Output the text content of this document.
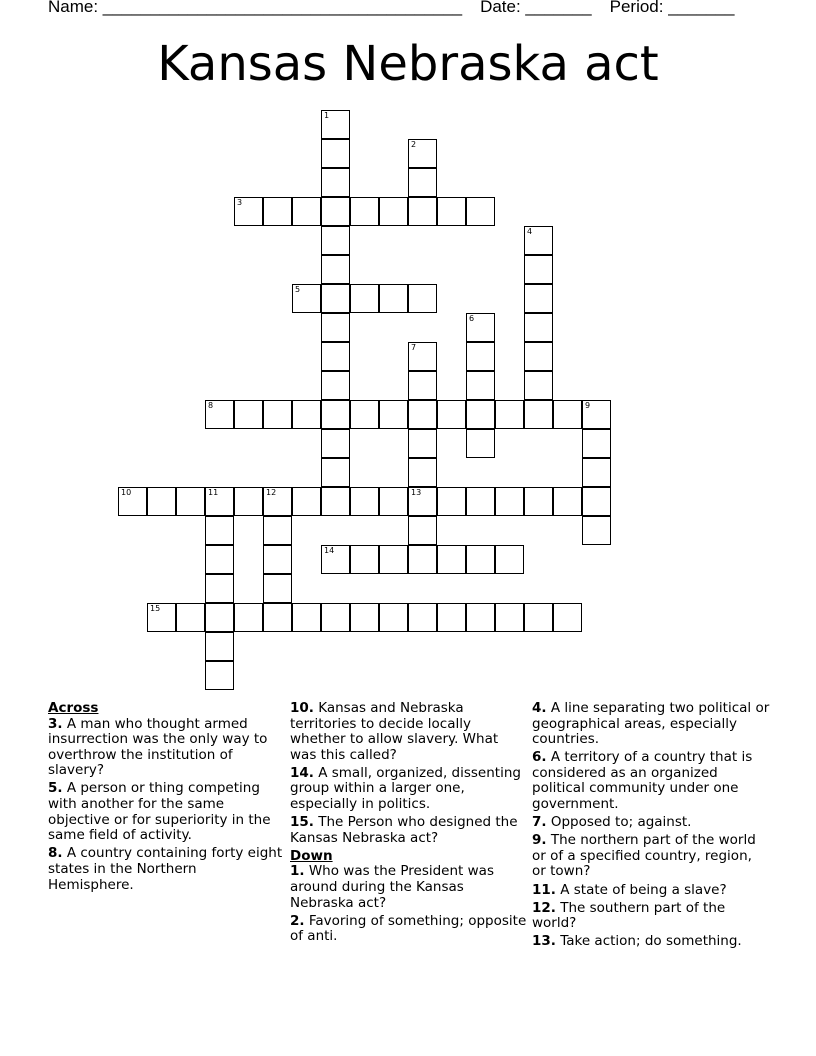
Name: ______________________________________ Date: _______ Period: _______
Kansas Nebraska act
1
2
3
4
5
6
7
8	9
10	11	12	13
14
15
Across
3. A man who thought armed insurrection was the only way to overthrow the institution of slavery?
5. A person or thing competing with another for the same objective or for superiority in the same field of activity.
8. A country containing forty eight states in the Northern Hemisphere.
10. Kansas and Nebraska territories to decide locally whether to allow slavery. What was this called?
14. A small, organized, dissenting group within a larger one, especially in politics.
15. The Person who designed the Kansas Nebraska act?
Down
1. Who was the President was around during the Kansas Nebraska act?
2. Favoring of something; opposite of anti.
4. A line separating two political or geographical areas, especially countries.
6. A territory of a country that is considered as an organized political community under one government.
7. Opposed to; against.
9. The northern part of the world or of a specified country, region, or town?
11. A state of being a slave?
12. The southern part of the world?
13. Take action; do something.
